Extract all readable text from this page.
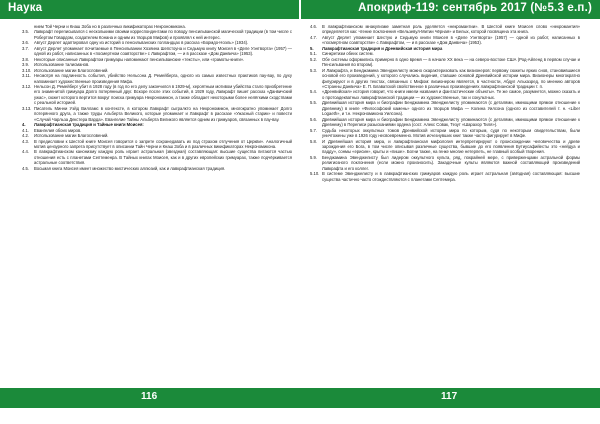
Наука	Апокриф-119: сентябрь 2017 (№5.3 е.п.)
нием Той Черни и Кнаш Зоба но в различных викификаторах Некрономикона.
3.5.	Лавкрафт переписывался с несколькими своими корреспондентами по поводу пенсильванской магической традиции (в том числе с Робертом Говардом, создателем Конана и одним из творцов Мифов) и проявлял к ней интерес.
3.6.	Август Дерлет адаптировал одну из историй о пенсильванских голландцах в рассказ «Бормдо-Ноэль» (1934).
3.7.	Август Дерлет упоминает почитаемые в Пенсильвании Хозяина Шепстоуна и Седьмую книгу Моисея в «Деле Уэнтворта» (1957) — одной из работ, написанных в «посмертном соавторстве» с Лавкрафтом, — и в рассказе «Дом Данвича» (1953).
3.8.	Некоторые описанные Лавкрафтом гримуары напоминают пенсильванские «тексты», или «грамоты-книги».
3.9.	Использование талисманов.
3.10. Использование магии Благословений.
3.11. Несмотря на подлинность события, убийство Нельсона Д. Ремейберга, одного из самых известных практиков пау-вау, по духу напоминает художественные произведения Мифа.
3.12. Нельсон Д. Ремейберг убит в 1928 году (в год по его делу закончился в 1929-м), хероятным мотивом убийства стало приобретение его знаменитой гримуара Долго потерянный друг. Вскоре после этих событий, в 1929 году, Лавкрафт пишет рассказ «Данвичский ужас», сюжет которого вертится вокруг поиска гримуара Некрономикон, а также обладает некоторыми более нелёгкими сходствами с реальной историей.
3.13. Писатель Минни Уэйд Вилламс в контексте, в котором Лавкрафт сыгралкто на Некрономикон, многократно упоминает Долго потерянного друга, а также труды Альберта Великого, которые упоминает и Лавкрафт в рассказе «Ужасный старик» и повести «Случай Чарльза Декстера Варда». Евангелие Тайны Альберта Великого является одним из гримуаров, связанных в пау-вау.
4.	Лавкрафтианская традиция и Тайные книги Моисея:
4.1.	Евангелия обоих миров.
4.2.	Использование магии Благословений.
4.3.	В предисловии к Шестой книге Моисея говорится о запрете сохранедавать их под страхом отлучения от Церкви». Аналогичный мотив цензурного запрета присутствует в описании Тайн Черни и Кнаш Зоба и в различных викификаторах Некрономикона.
4.4.	В лавкрафтианском канонизму каждую роль играет астральная (звездная) составляющая: высшие существа питаются частью отношения есть с планетами Септеменра. В Тайных книгах Моисея, как и в других европейских гримуарах, также подчёркивается астральные соответствия.
4.5.	Восьмая книга Моисея имеет множество мистических аллюзий, как и лавкрафтианская традиция.
4.6.	В лавкрафтианском мнакулизме заметная роль уделяется «некромантии». В Шестой книге Моисея слово «некромантия» определяется как: чтение поклонения «Вельзевул-Митии Чёрная» и Белых, которой посвящена эта книга.
4.7.	Август Дерлет упоминает Шестую и Седьмую книги Моисея в «Деле Уэнтворта» (1957) — одной из работ, написанных в «посмертном соавторстве» с Лавкрафтом, — и в рассказе «Дом Данвича» (1953).
5.	Лавкрафтианская традиция и Дренвийская история мира
5.1.	Синкретизм обеих систем.
5.2.	Обе системы оформились примерно в одно время — в начале XX века — на северо-востоке США (Род-Айленд в первом случае и Пенсильвания во втором).
5.3.	И Лавкрафта, и Бенджамина Эвенджелисту можно охарактеризовать как визионеров: первому сюжеты ярких снов, становившиеся основой его произведений, у которого случались видения, ставшие основой Дренвийской истории мира. Визионеры многократно фигурируют и в других текстах, связанных с Мифом: визионером является, в частности, Абдул Альхазред, по мнению авторов «Странны Данвича» Е. П. Блаватской свойственное в различных произведениях лавкрафтианской традиции т. п.
5.4.	«Дренвийская» история говорит, что книги имели названия и фантастические объекты». Те же самое, разумеется, можно сказать и о протоадекватных лавкрафтианской традиции — их художественные, так и сокультных.
5.5.	Древнийшая история мира и биографии Бенджамина Эвенджелисту упоминаются (с деталями, имеющими прямое отношение к Древнему) в книге «Философский камень» одного из творцов Мифа — Колина Уилсона (одного из составителей т. н. «Liber Logaeth», и т.н. Некрономикона Уилсона).
5.6.	Древнийшая история мира и биографии Бенджамина Эвенджелисту упоминаются (с деталями, имеющими прямое отношение к Древнему) в Переписи разысканиями ордена (сост. Алекс Совак, Тезут «Шарахор Тиля»).
5.7.	Судьба некоторых оккультных томов Дренвийской истории мира по которым, судя по некоторым свидетельствам, были уничтожены уже в 1926 году несвоевременно. Мотив исчезнувших книг также часто фигурирует в Мифе.
5.8.	И Древнейшая история мира, и лавкрафтианская мифология интерпретирируют о происхождении человечества и древе зарождения его Бога, в том числе описывая различные существа, бывшие до его появления Бутиусафийесты это «нейдуа и падду», сонмы «ерисин», крыты и «пише». Богни также, на генке многие нетерпеть, не главный особый творения.
5.9.	Бенджамина Эвенджелисту был лидером оккультного культа, ряд, покрайней мере, с приверженцами астральной формы религиозного поклонения (если можно произносить). Закадочные культы являются важной составляющей произведений Лавкрафта и его коллег.
5.10. В системе Эвенджелисту и в лавкрафтианских гримуаров каждую роль играет астральная (звёздная) составляющая: высшие существа частично часто отождествляются с планетами Септемера.
116	117
